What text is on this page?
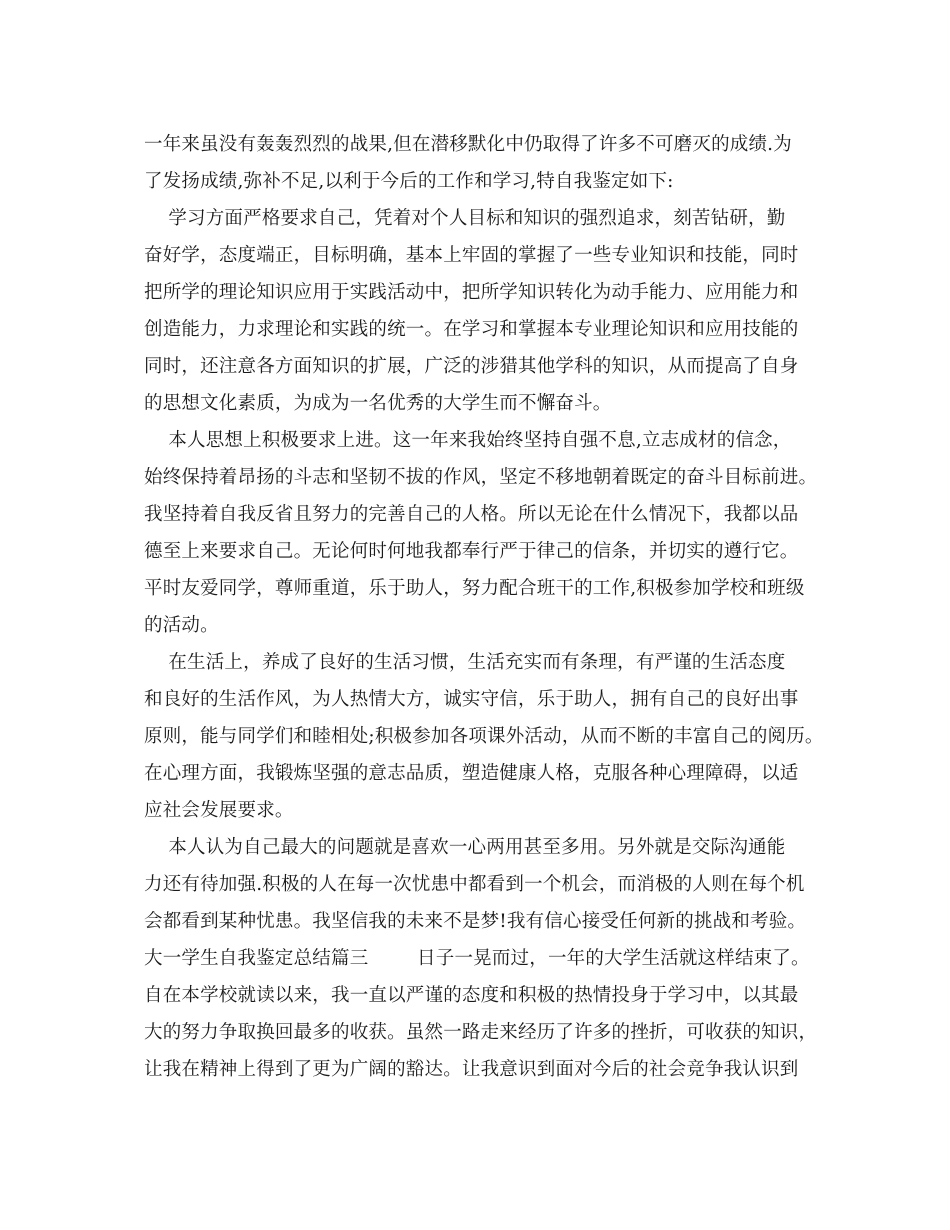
一年来虽没有轰轰烈烈的战果,但在潜移默化中仍取得了许多不可磨灭的成绩.为
了发扬成绩,弥补不足,以利于今后的工作和学习,特自我鉴定如下:
学习方面严格要求自己，凭着对个人目标和知识的强烈追求，刻苦钻研，勤
奋好学，态度端正，目标明确，基本上牢固的掌握了一些专业知识和技能，同时
把所学的理论知识应用于实践活动中，把所学知识转化为动手能力、应用能力和
创造能力，力求理论和实践的统一。在学习和掌握本专业理论知识和应用技能的
同时，还注意各方面知识的扩展，广泛的涉猎其他学科的知识，从而提高了自身
的思想文化素质，为成为一名优秀的大学生而不懈奋斗。
本人思想上积极要求上进。这一年来我始终坚持自强不息,立志成材的信念，
始终保持着昂扬的斗志和坚韧不拔的作风，坚定不移地朝着既定的奋斗目标前进。
我坚持着自我反省且努力的完善自己的人格。所以无论在什么情况下，我都以品
德至上来要求自己。无论何时何地我都奉行严于律己的信条，并切实的遵行它。
平时友爱同学，尊师重道，乐于助人，努力配合班干的工作,积极参加学校和班级
的活动。
在生活上，养成了良好的生活习惯，生活充实而有条理，有严谨的生活态度
和良好的生活作风，为人热情大方，诚实守信，乐于助人，拥有自己的良好出事
原则，能与同学们和睦相处;积极参加各项课外活动，从而不断的丰富自己的阅历。
在心理方面，我锻炼坚强的意志品质，塑造健康人格，克服各种心理障碍，以适
应社会发展要求。
本人认为自己最大的问题就是喜欢一心两用甚至多用。另外就是交际沟通能
力还有待加强.积极的人在每一次忧患中都看到一个机会，而消极的人则在每个机
会都看到某种忧患。我坚信我的未来不是梦!我有信心接受任何新的挑战和考验。
大一学生自我鉴定总结篇三        日子一晃而过，一年的大学生活就这样结束了。
自在本学校就读以来，我一直以严谨的态度和积极的热情投身于学习中，以其最
大的努力争取换回最多的收获。虽然一路走来经历了许多的挫折，可收获的知识，
让我在精神上得到了更为广阔的豁达。让我意识到面对今后的社会竞争我认识到
